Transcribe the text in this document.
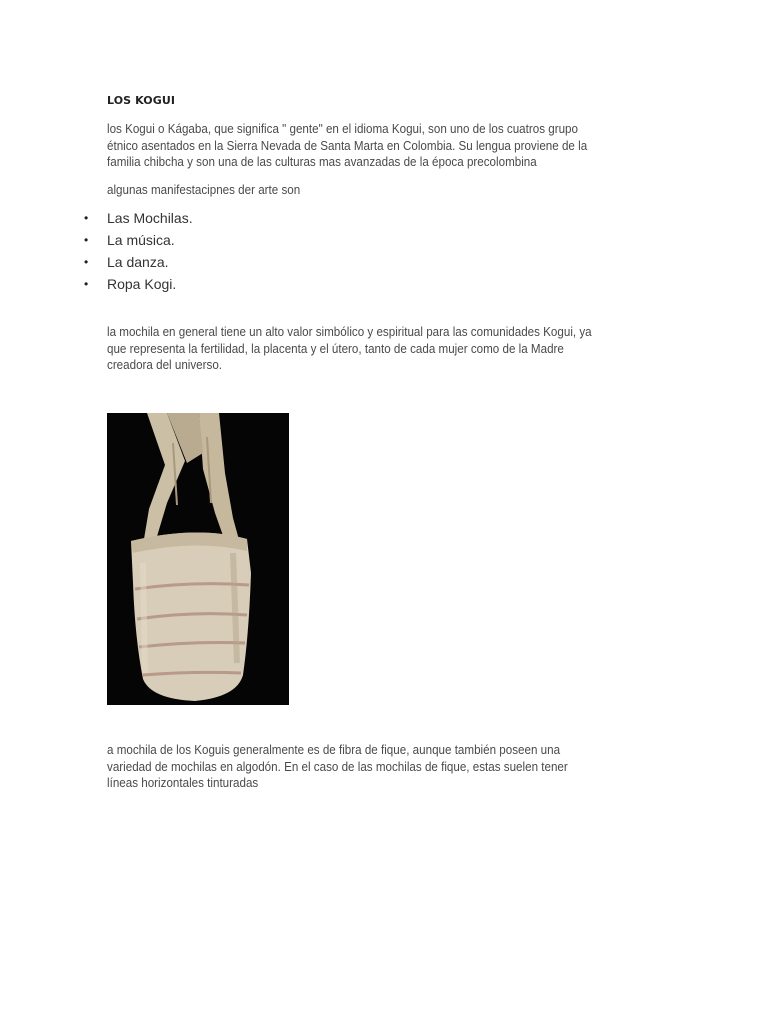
LOS KOGUI
los Kogui o Kágaba, que significa " gente" en el idioma Kogui, son uno de los cuatros grupo
étnico asentados en la Sierra Nevada de Santa Marta en Colombia. Su lengua proviene de la
familia chibcha y son una de las culturas mas avanzadas de la época precolombina
algunas manifestacipnes der arte son
• Las Mochilas.
• La música.
• La danza.
• Ropa Kogi.
la mochila en general tiene un alto valor simbólico y espiritual para las comunidades Kogui, ya
que representa la fertilidad, la placenta y el útero, tanto de cada mujer como de la Madre
creadora del universo.
a mochila de los Koguis generalmente es de fibra de fique, aunque también poseen una
variedad de mochilas en algodón. En el caso de las mochilas de fique, estas suelen tener
líneas horizontales tinturadas
